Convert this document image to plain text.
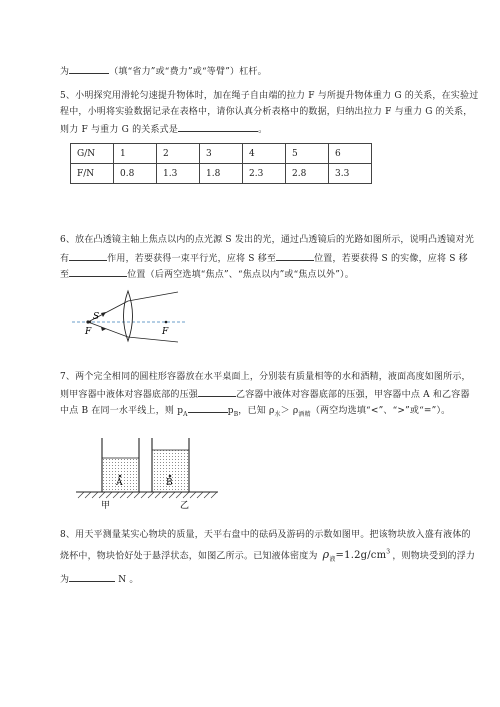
为	（填“省力”或“费力”或“等臂”）杠杆。
5、小明探究用滑轮匀速提升物体时，加在绳子自由端的拉力 F 与所提升物体重力 G 的关系，在实验过
程中，小明将实验数据记录在表格中，请你认真分析表格中的数据，归纳出拉力 F 与重力 G 的关系，
则力 F 与重力 G 的关系式是	。
G/N	1	2	3	4	5	6
F/N	0.8	1.3	1.8	2.3	2.8	3.3
6、放在凸透镜主轴上焦点以内的点光源 S 发出的光，通过凸透镜后的光路如图所示，说明凸透镜对光
有	作用，若要获得一束平行光，应将 S 移至	位置，若要获得 S 的实像，应将 S 移
至	位置（后两空选填“焦点”、“焦点以内”或“焦点以外”）。
S
F	F
7、两个完全相同的圆柱形容器放在水平桌面上，分别装有质量相等的水和酒精，液面高度如图所示，
则甲容器中液体对容器底部的压强	乙容器中液体对容器底部的压强，甲容器中点 A 和乙容器
中点 B 在同一水平线上，则 $p_A$	$p_B$，已知 $\rho_水> \rho_{酒精}$（两空均选填“<”、“>”或“=”）。
A	B
甲	乙
8、用天平测量某实心物块的质量，天平右盘中的砝码及游码的示数如图甲。把该物块放入盛有液体的
烧杯中，物块恰好处于悬浮状态，如图乙所示。已知液体密度为 $\rho_液=1.2g/cm^3$ ，则物块受到的浮力
为	N 。
